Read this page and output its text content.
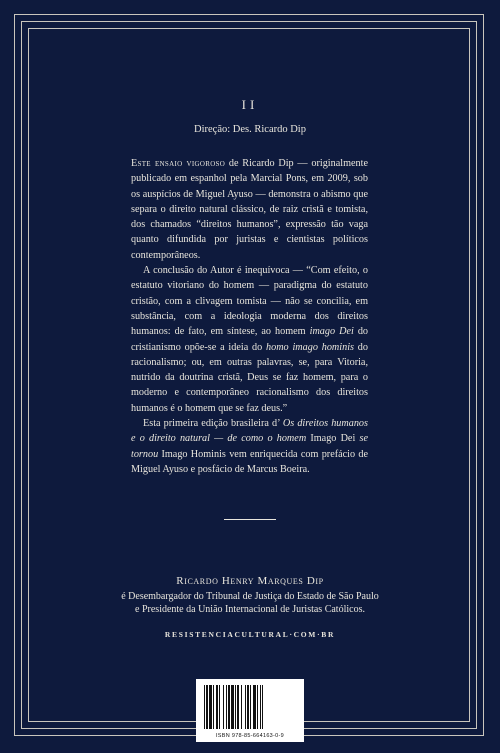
II
Direção: Des. Ricardo Dip

Este ensaio vigoroso de Ricardo Dip — originalmente publicado em espanhol pela Marcial Pons, em 2009, sob os auspícios de Miguel Ayuso — demonstra o abismo que separa o direito natural clássico, de raiz cristã e tomista, dos chamados “direitos humanos”, expressão tão vaga quanto difundida por juristas e cientistas políticos contemporâneos.

A conclusão do Autor é inequívoca — “Com efeito, o estatuto vitoriano do homem — paradigma do estatuto cristão, com a clivagem tomista — não se concilia, em substância, com a ideologia moderna dos direitos humanos: de fato, em síntese, ao homem imago Dei do cristianismo opõe-se a ideia do homo imago hominis do racionalismo; ou, em outras palavras, se, para Vitoria, nutrido da doutrina cristã, Deus se faz homem, para o moderno e contemporâneo racionalismo dos direitos humanos é o homem que se faz deus.”

Esta primeira edição brasileira d’ Os direitos humanos e o direito natural — de como o homem Imago Dei se tornou Imago Hominis vem enriquecida com prefácio de Miguel Ayuso e posfácio de Marcus Boeira.

Ricardo Henry Marques Dip
é Desembargador do Tribunal de Justiça do Estado de São Paulo
e Presidente da União Internacional de Juristas Católicos.
RESISTENCIACULTURAL·COM·BR
ISBN 978-85-664163-0-9
